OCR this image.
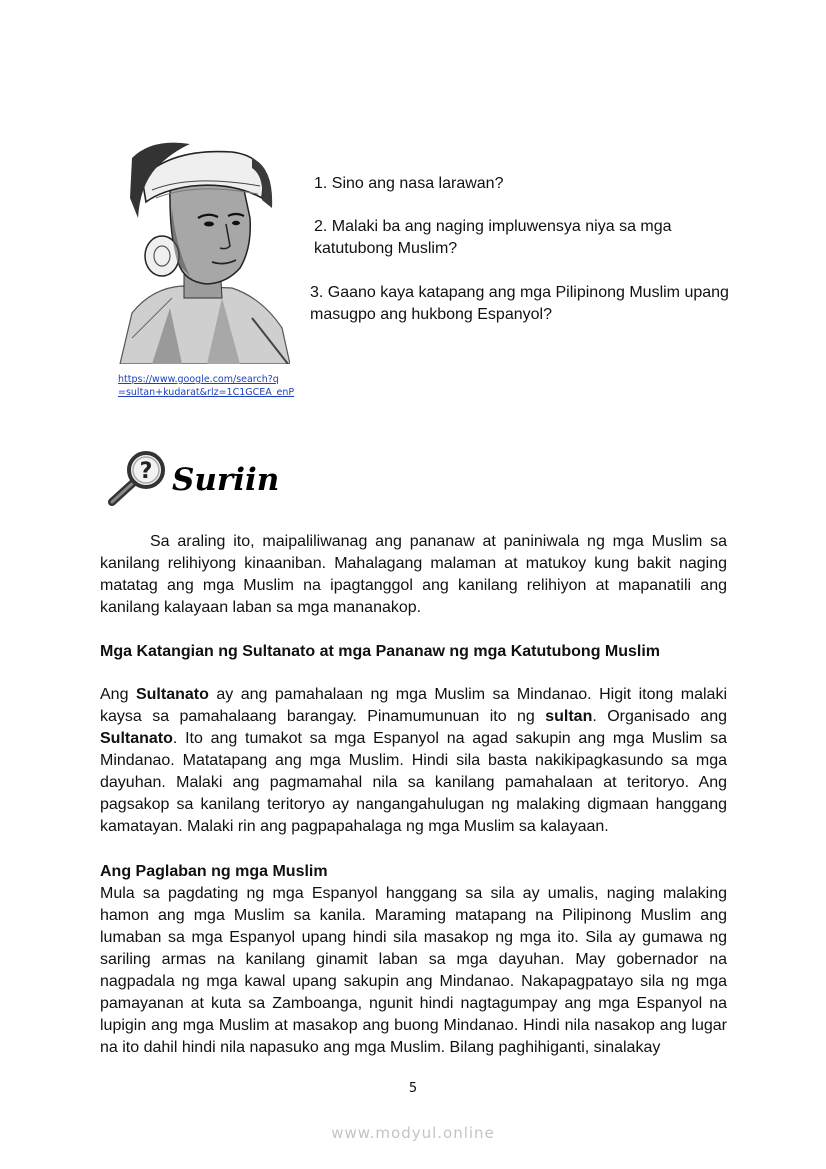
https://www.google.com/search?q
=sultan+kudarat&rlz=1C1GCEA_enP
1. Sino ang nasa larawan?
2. Malaki ba ang naging impluwensya niya sa mga katutubong Muslim?
3. Gaano kaya katapang ang mga Pilipinong Muslim upang masugpo ang hukbong Espanyol?
? Suriin
Sa araling ito, maipaliliwanag ang pananaw at paniniwala ng mga Muslim sa kanilang relihiyong kinaaniban. Mahalagang malaman at matukoy kung bakit naging matatag ang mga Muslim na ipagtanggol ang kanilang relihiyon at mapanatili ang kanilang kalayaan laban sa mga mananakop.
Mga Katangian ng Sultanato at mga Pananaw ng mga Katutubong Muslim
Ang Sultanato ay ang pamahalaan ng mga Muslim sa Mindanao. Higit itong malaki kaysa sa pamahalaang barangay. Pinamumunuan ito ng sultan. Organisado ang Sultanato. Ito ang tumakot sa mga Espanyol na agad sakupin ang mga Muslim sa Mindanao. Matatapang ang mga Muslim. Hindi sila basta nakikipagkasundo sa mga dayuhan. Malaki ang pagmamahal nila sa kanilang pamahalaan at teritoryo. Ang pagsakop sa kanilang teritoryo ay nangangahulugan ng malaking digmaan hanggang kamatayan. Malaki rin ang pagpapahalaga ng mga Muslim sa kalayaan.
Ang Paglaban ng mga Muslim
Mula sa pagdating ng mga Espanyol hanggang sa sila ay umalis, naging malaking hamon ang mga Muslim sa kanila. Maraming matapang na Pilipinong Muslim ang lumaban sa mga Espanyol upang hindi sila masakop ng mga ito. Sila ay gumawa ng sariling armas na kanilang ginamit laban sa mga dayuhan. May gobernador na nagpadala ng mga kawal upang sakupin ang Mindanao. Nakapagpatayo sila ng mga pamayanan at kuta sa Zamboanga, ngunit hindi nagtagumpay ang mga Espanyol na lupigin ang mga Muslim at masakop ang buong Mindanao. Hindi nila nasakop ang lugar na ito dahil hindi nila napasuko ang mga Muslim. Bilang paghihiganti, sinalakay
5
www.modyul.online
